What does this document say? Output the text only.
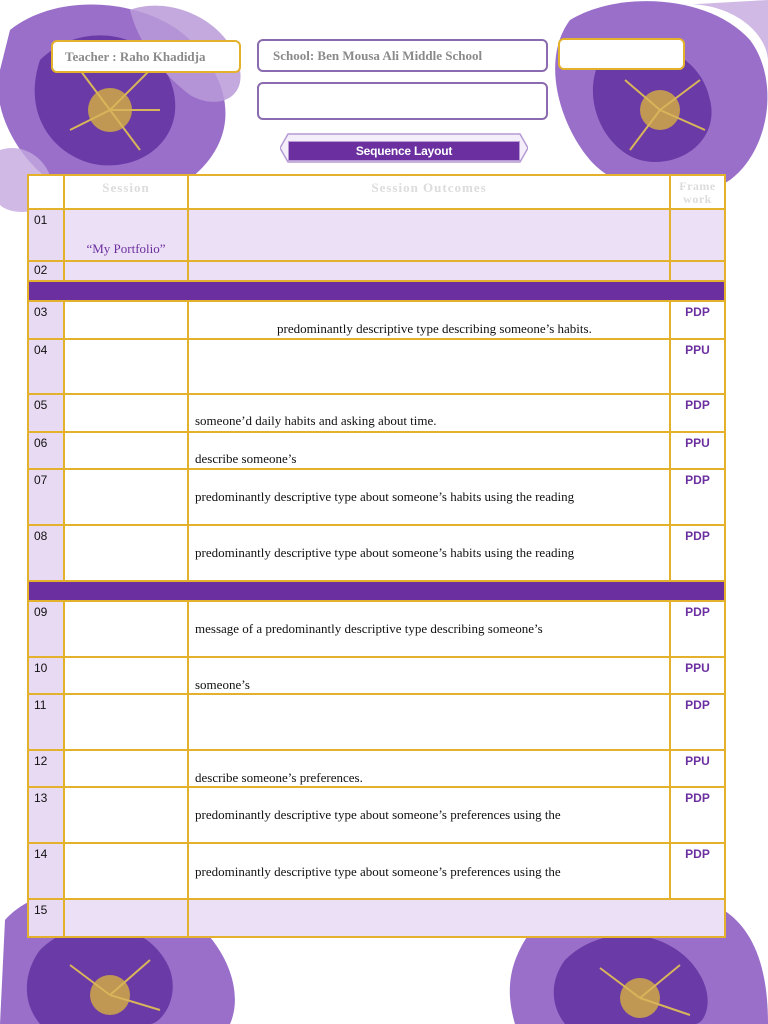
Teacher : Raho Khadidja	School: Ben Mousa Ali Middle School
Sequence Layout
	Session	Session Outcomes	Frame work
01	“My Portfolio”		
02			

03		predominantly descriptive type describing someone’s habits.	PDP
04			PPU
05		someone’d daily habits and asking about time.	PDP
06		describe someone’s	PPU
07		predominantly descriptive type about someone’s habits using the reading	PDP
08		predominantly descriptive type about someone’s habits using the reading	PDP

09		message of a predominantly descriptive type describing someone’s	PDP
10		someone’s	PPU
11			PDP
12		describe someone’s preferences.	PPU
13		predominantly descriptive type about someone’s preferences using the	PDP
14		predominantly descriptive type about someone’s preferences using the	PDP
15			
